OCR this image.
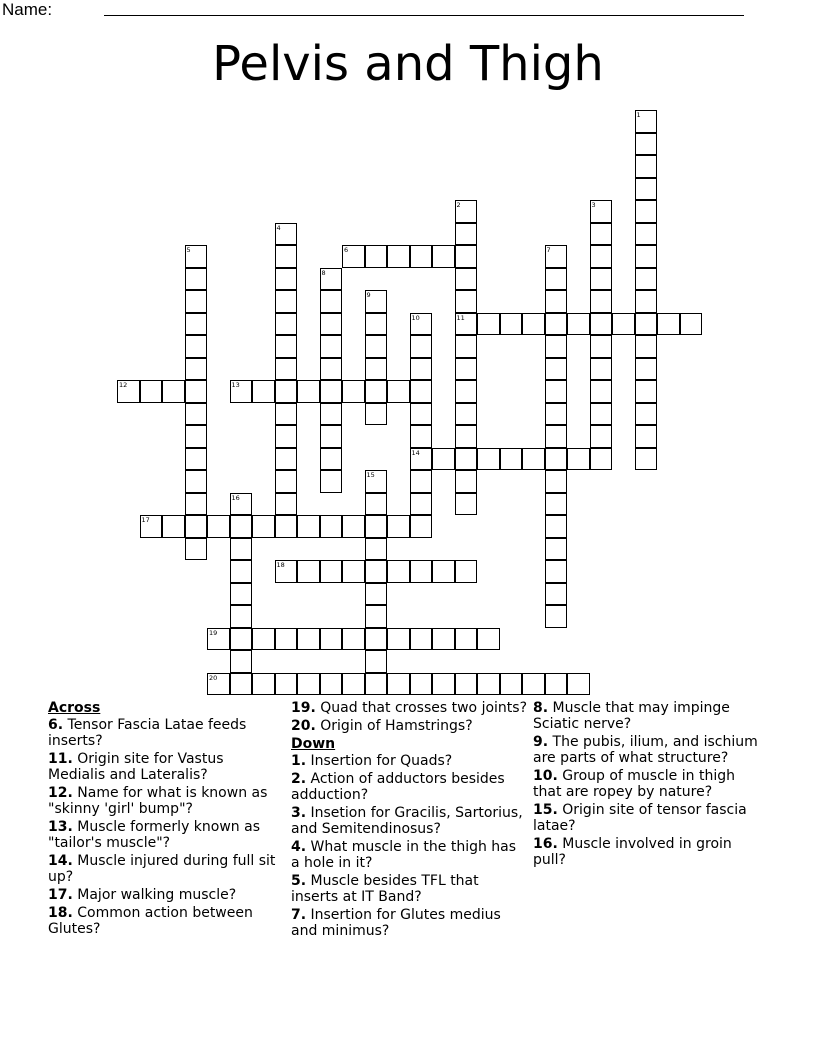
Name:
Pelvis and Thigh
1
2
11
3
4
5	6	7
8
9
10
14
12	13
15
16
17
18
19
20
Across
6. Tensor Fascia Latae feeds inserts?
11. Origin site for Vastus Medialis and Lateralis?
12. Name for what is known as "skinny 'girl' bump"?
13. Muscle formerly known as "tailor's muscle"?
14. Muscle injured during full sit up?
17. Major walking muscle?
18. Common action between Glutes?
19. Quad that crosses two joints?
20. Origin of Hamstrings?
Down
1. Insertion for Quads?
2. Action of adductors besides adduction?
3. Insetion for Gracilis, Sartorius, and Semitendinosus?
4. What muscle in the thigh has a hole in it?
5. Muscle besides TFL that inserts at IT Band?
7. Insertion for Glutes medius and minimus?
8. Muscle that may impinge Sciatic nerve?
9. The pubis, ilium, and ischium are parts of what structure?
10. Group of muscle in thigh that are ropey by nature?
15. Origin site of tensor fascia latae?
16. Muscle involved in groin pull?
